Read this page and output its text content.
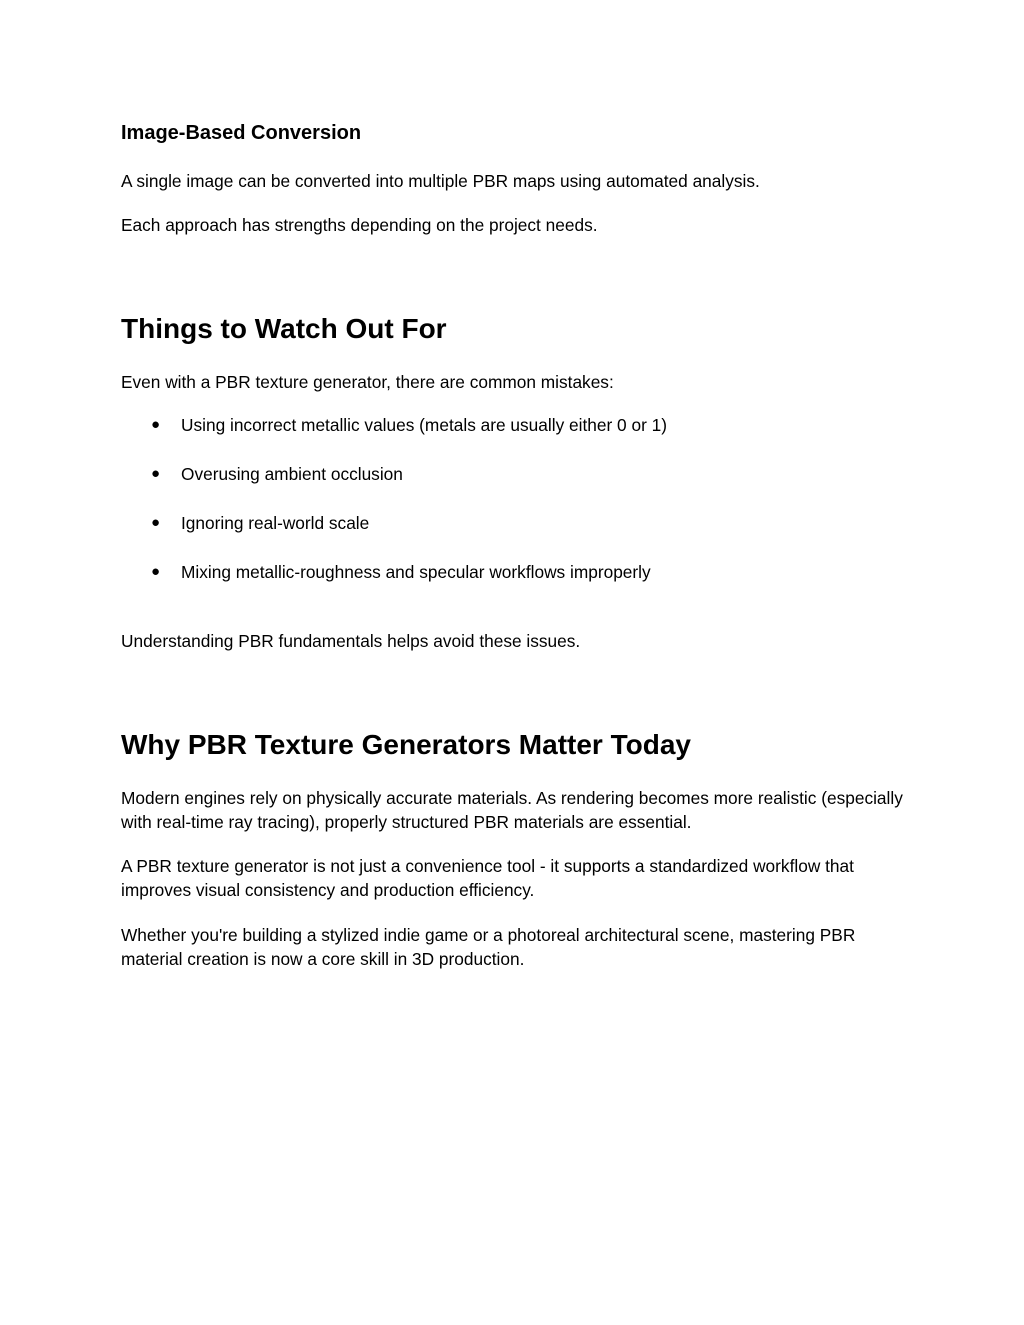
Image-Based Conversion
A single image can be converted into multiple PBR maps using automated analysis.
Each approach has strengths depending on the project needs.
Things to Watch Out For
Even with a PBR texture generator, there are common mistakes:
● Using incorrect metallic values (metals are usually either 0 or 1)
● Overusing ambient occlusion
● Ignoring real-world scale
● Mixing metallic-roughness and specular workflows improperly
Understanding PBR fundamentals helps avoid these issues.
Why PBR Texture Generators Matter Today
Modern engines rely on physically accurate materials. As rendering becomes more realistic (especially with real-time ray tracing), properly structured PBR materials are essential.
A PBR texture generator is not just a convenience tool - it supports a standardized workflow that improves visual consistency and production efficiency.
Whether you're building a stylized indie game or a photoreal architectural scene, mastering PBR material creation is now a core skill in 3D production.
